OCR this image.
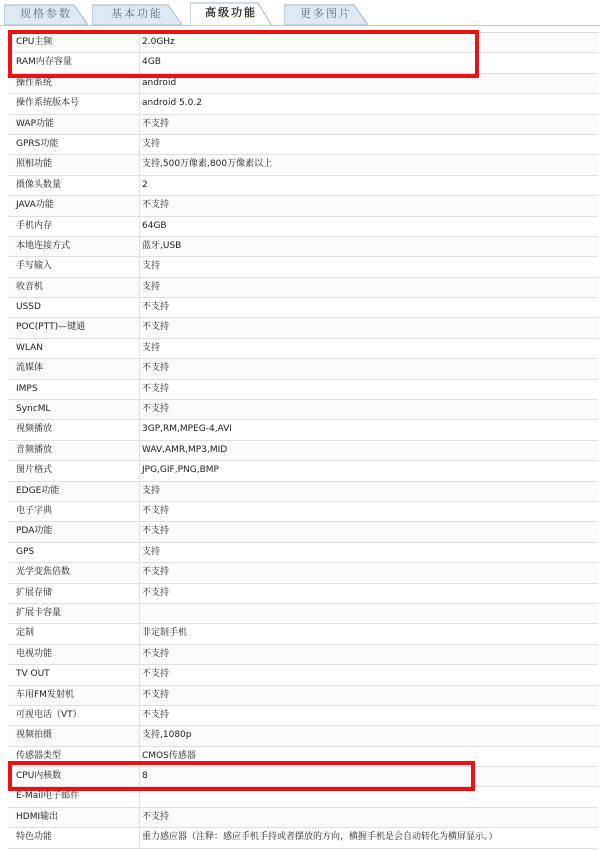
规格参数	基本功能	高级功能	更多图片
CPU主频	2.0GHz
RAM内存容量	4GB
操作系统	android
操作系统版本号	android 5.0.2
WAP功能	不支持
GPRS功能	支持
照相功能	支持,500万像素,800万像素以上
摄像头数量	2
JAVA功能	不支持
手机内存	64GB
本地连接方式	蓝牙,USB
手写输入	支持
收音机	支持
USSD	不支持
POC(PTT)—键通	不支持
WLAN	支持
流媒体	不支持
IMPS	不支持
SyncML	不支持
视频播放	3GP,RM,MPEG-4,AVI
音频播放	WAV,AMR,MP3,MID
图片格式	JPG,GIF,PNG,BMP
EDGE功能	支持
电子字典	不支持
PDA功能	不支持
GPS	支持
光学变焦倍数	不支持
扩展存储	不支持
扩展卡容量
定制	非定制手机
电视功能	不支持
TV OUT	不支持
车用FM发射机	不支持
可视电话（VT）	不支持
视频拍摄	支持,1080p
传感器类型	CMOS传感器
CPU内核数	8
E-Mail电子邮件
HDMI输出	不支持
特色功能	重力感应器（注释：感应手机手持或者摆放的方向，横握手机是会自动转化为横屏显示。）
